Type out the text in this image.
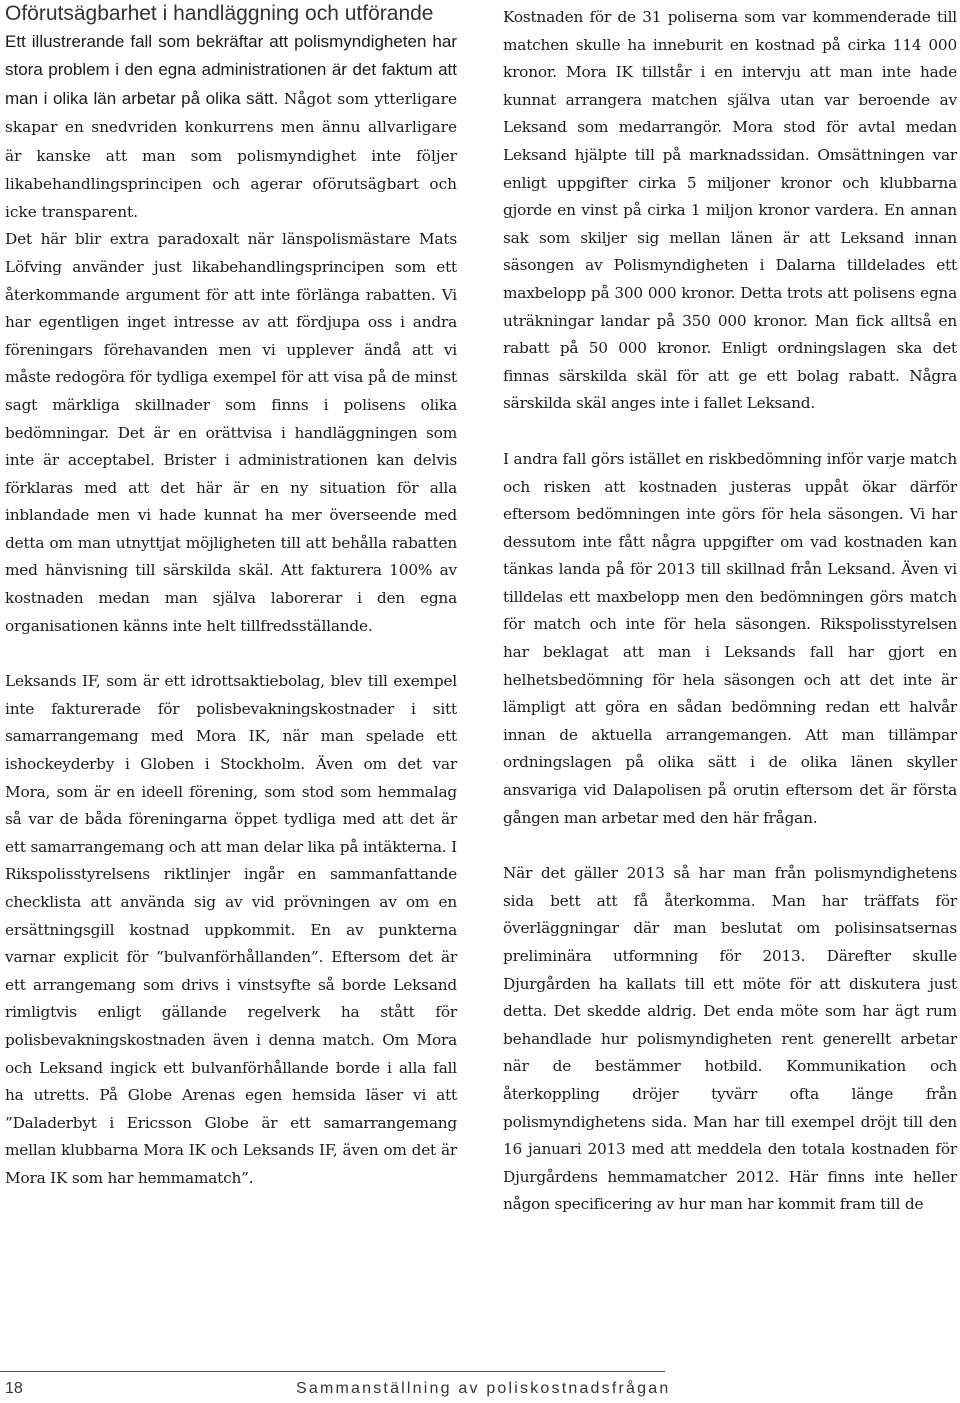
Oförutsägbarhet i handläggning och utförande

Ett illustrerande fall som bekräftar att polismyndigheten har stora problem i den egna administrationen är det faktum att man i olika län arbetar på olika sätt. Något som ytterligare skapar en snedvriden konkurrens men ännu allvarligare är kanske att man som polismyndighet inte följer likabehandlingsprincipen och agerar oförutsägbart och icke transparent.

Det här blir extra paradoxalt när länspolismästare Mats Löfving använder just likabehandlingsprincipen som ett återkommande argument för att inte förlänga rabatten. Vi har egentligen inget intresse av att fördjupa oss i andra föreningars förehavanden men vi upplever ändå att vi måste redogöra för tydliga exempel för att visa på de minst sagt märkliga skillnader som finns i polisens olika bedömningar. Det är en orättvisa i handläggningen som inte är acceptabel. Brister i administrationen kan delvis förklaras med att det här är en ny situation för alla inblandade men vi hade kunnat ha mer överseende med detta om man utnyttjat möjligheten till att behålla rabatten med hänvisning till särskilda skäl. Att fakturera 100% av kostnaden medan man själva laborerar i den egna organisationen känns inte helt tillfredsställande.

Leksands IF, som är ett idrottsaktiebolag, blev till exempel inte fakturerade för polisbevakningskostnader i sitt samarrangemang med Mora IK, när man spelade ett ishockeyderby i Globen i Stockholm. Även om det var Mora, som är en ideell förening, som stod som hemmalag så var de båda föreningarna öppet tydliga med att det är ett samarrangemang och att man delar lika på intäkterna. I Rikspolisstyrelsens riktlinjer ingår en sammanfattande checklista att använda sig av vid prövningen av om en ersättningsgill kostnad uppkommit. En av punkterna varnar explicit för ”bulvanförhållanden”. Eftersom det är ett arrangemang som drivs i vinstsyfte så borde Leksand rimligtvis enligt gällande regelverk ha stått för polisbevakningskostnaden även i denna match. Om Mora och Leksand ingick ett bulvanförhållande borde i alla fall ha utretts. På Globe Arenas egen hemsida läser vi att ”Daladerbyt i Ericsson Globe är ett samarrangemang mellan klubbarna Mora IK och Leksands IF, även om det är Mora IK som har hemmamatch”.

Kostnaden för de 31 poliserna som var kommenderade till matchen skulle ha inneburit en kostnad på cirka 114 000 kronor. Mora IK tillstår i en intervju att man inte hade kunnat arrangera matchen själva utan var beroende av Leksand som medarrangör. Mora stod för avtal medan Leksand hjälpte till på marknadssidan. Omsättningen var enligt uppgifter cirka 5 miljoner kronor och klubbarna gjorde en vinst på cirka 1 miljon kronor vardera. En annan sak som skiljer sig mellan länen är att Leksand innan säsongen av Polismyndigheten i Dalarna tilldelades ett maxbelopp på 300 000 kronor. Detta trots att polisens egna uträkningar landar på 350 000 kronor. Man fick alltså en rabatt på 50 000 kronor. Enligt ordningslagen ska det finnas särskilda skäl för att ge ett bolag rabatt. Några särskilda skäl anges inte i fallet Leksand.

I andra fall görs istället en riskbedömning inför varje match och risken att kostnaden justeras uppåt ökar därför eftersom bedömningen inte görs för hela säsongen. Vi har dessutom inte fått några uppgifter om vad kostnaden kan tänkas landa på för 2013 till skillnad från Leksand. Även vi tilldelas ett maxbelopp men den bedömningen görs match för match och inte för hela säsongen. Rikspolisstyrelsen har beklagat att man i Leksands fall har gjort en helhetsbedömning för hela säsongen och att det inte är lämpligt att göra en sådan bedömning redan ett halvår innan de aktuella arrangemangen. Att man tillämpar ordningslagen på olika sätt i de olika länen skyller ansvariga vid Dalapolisen på orutin eftersom det är första gången man arbetar med den här frågan.

När det gäller 2013 så har man från polismyndighetens sida bett att få återkomma. Man har träffats för överläggningar där man beslutat om polisinsatsernas preliminära utformning för 2013. Därefter skulle Djurgården ha kallats till ett möte för att diskutera just detta. Det skedde aldrig. Det enda möte som har ägt rum behandlade hur polismyndigheten rent generellt arbetar när de bestämmer hotbild. Kommunikation och återkoppling dröjer tyvärr ofta länge från polismyndighetens sida. Man har till exempel dröjt till den 16 januari 2013 med att meddela den totala kostnaden för Djurgårdens hemmamatcher 2012. Här finns inte heller någon specificering av hur man har kommit fram till de

18	Sammanställning av poliskostnadsfrågan
